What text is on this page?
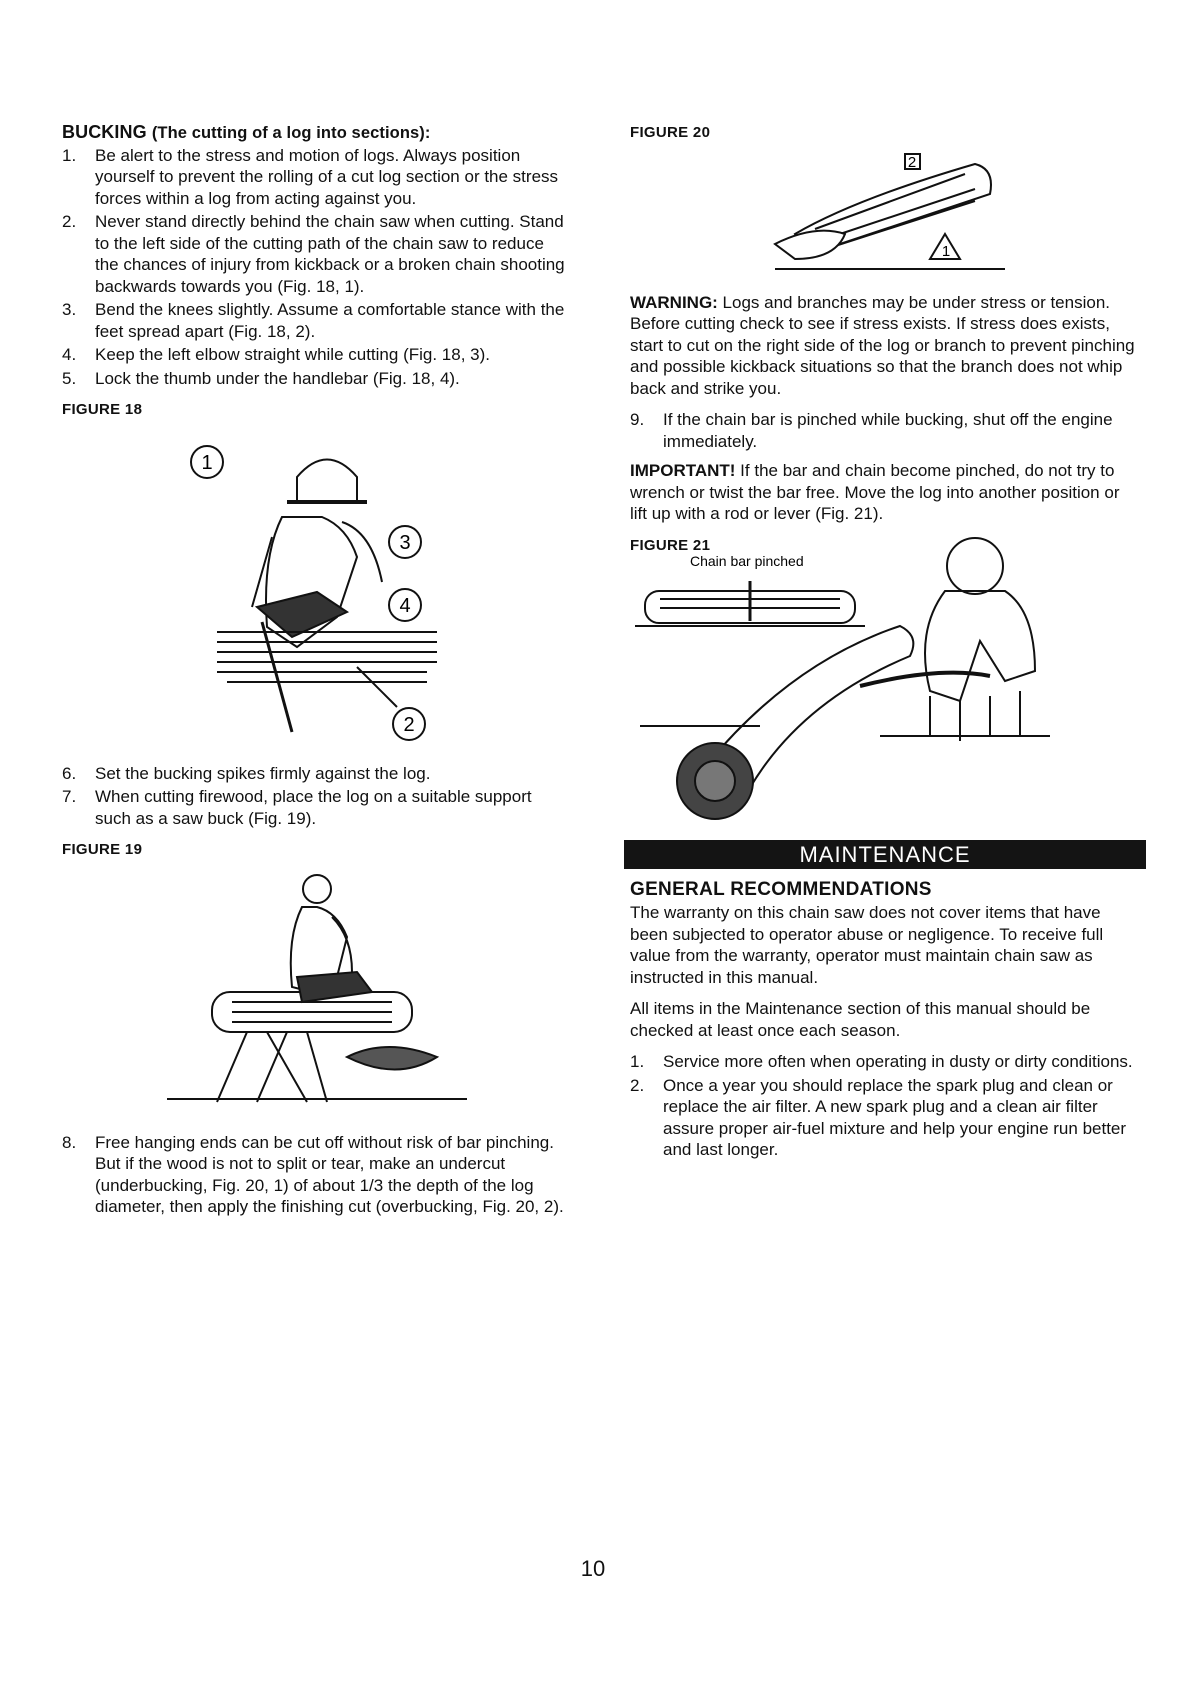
BUCKING (The cutting of a log into sections):
1. Be alert to the stress and motion of logs. Always position yourself to prevent the rolling of a cut log section or the stress forces within a log from acting against you.
2. Never stand directly behind the chain saw when cutting. Stand to the left side of the cutting path of the chain saw to reduce the chances of injury from kickback or a broken chain shooting backwards towards you (Fig. 18, 1).
3. Bend the knees slightly. Assume a comfortable stance with the feet spread apart (Fig. 18, 2).
4. Keep the left elbow straight while cutting (Fig. 18, 3).
5. Lock the thumb under the handlebar (Fig. 18, 4).
FIGURE 18
1
3
4
2
6. Set the bucking spikes firmly against the log.
7. When cutting firewood, place the log on a suitable support such as a saw buck (Fig. 19).
FIGURE 19
8. Free hanging ends can be cut off without risk of bar pinching. But if the wood is not to split or tear, make an undercut (underbucking, Fig. 20, 1) of about 1/3 the depth of the log diameter, then apply the finishing cut (overbucking, Fig. 20, 2).
FIGURE 20
2
1

WARNING: Logs and branches may be under stress or tension. Before cutting check to see if stress exists. If stress does exists, start to cut on the right side of the log or branch to prevent pinching and possible kickback situations so that the branch does not whip back and strike you.

9. If the chain bar is pinched while bucking, shut off the engine immediately.

IMPORTANT! If the bar and chain become pinched, do not try to wrench or twist the bar free. Move the log into another position or lift up with a rod or lever (Fig. 21).

FIGURE 21
Chain bar pinched
MAINTENANCE
GENERAL RECOMMENDATIONS

The warranty on this chain saw does not cover items that have been subjected to operator abuse or negligence. To receive full value from the warranty, operator must maintain chain saw as instructed in this manual.

All items in the Maintenance section of this manual should be checked at least once each season.

1. Service more often when operating in dusty or dirty conditions.
2. Once a year you should replace the spark plug and clean or replace the air filter. A new spark plug and a clean air filter assure proper air-fuel mixture and help your engine run better and last longer.
10
